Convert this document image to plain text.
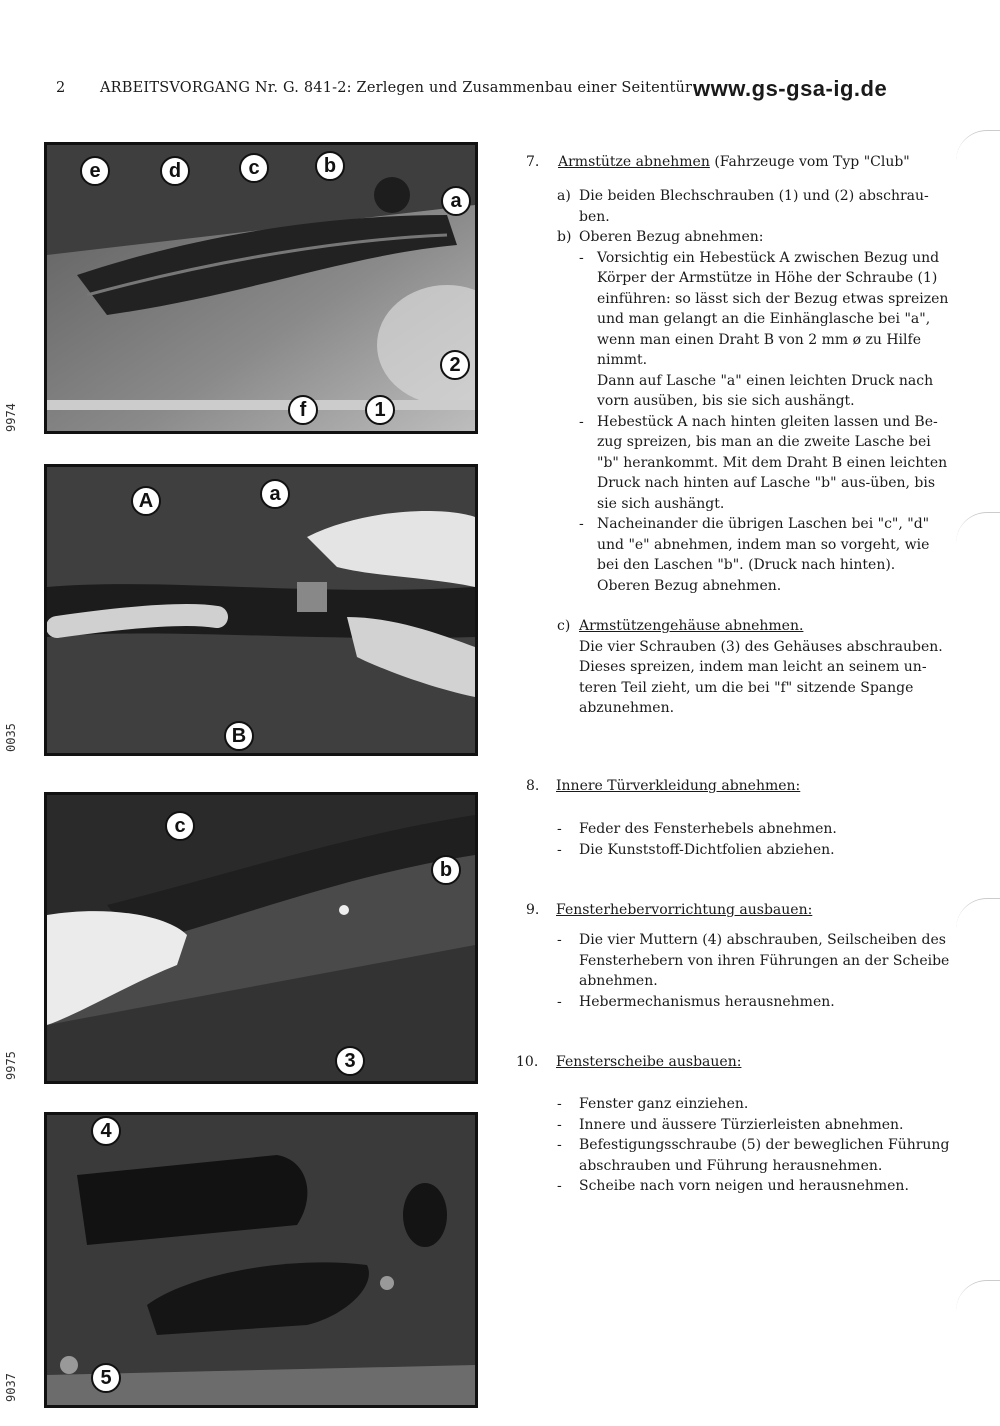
2 ARBEITSVORGANG Nr. G. 841-2: Zerlegen und Zusammenbau einer Seitentür www.gs-gsa-ig.de
9974
e	d	c	b
a
2
f	1
0035
A	a
B
9975
c
b
3
9037
4
5
7. Armstütze abnehmen (Fahrzeuge vom Typ "Club"
a) Die beiden Blechschrauben (1) und (2) abschrau-ben.
b) Oberen Bezug abnehmen:
- Vorsichtig ein Hebestück A zwischen Bezug und Körper der Armstütze in Höhe der Schraube (1) einführen: so lässt sich der Bezug etwas spreizen und man gelangt an die Einhänglasche bei "a", wenn man einen Draht B von 2 mm ø zu Hilfe nimmt.

Dann auf Lasche "a" einen leichten Druck nach vorn ausüben, bis sie sich aushängt.

- Hebestück A nach hinten gleiten lassen und Be-zug spreizen, bis man an die zweite Lasche bei "b" herankommt. Mit dem Draht B einen leichten Druck nach hinten auf Lasche "b" aus-üben, bis sie sich aushängt.
- Nacheinander die übrigen Laschen bei "c", "d" und "e" abnehmen, indem man so vorgeht, wie bei den Laschen "b". (Druck nach hinten). Oberen Bezug abnehmen.
c) Armstützengehäuse abnehmen.

Die vier Schrauben (3) des Gehäuses abschrauben. Dieses spreizen, indem man leicht an seinem un-teren Teil zieht, um die bei "f" sitzende Spange abzunehmen.

8. Innere Türverkleidung abnehmen:
- Feder des Fensterhebels abnehmen.
- Die Kunststoff-Dichtfolien abziehen.
9. Fensterhebervorrichtung ausbauen:
- Die vier Muttern (4) abschrauben, Seilscheiben des Fensterhebern von ihren Führungen an der Scheibe abnehmen.
- Hebermechanismus herausnehmen.
10. Fensterscheibe ausbauen:
- Fenster ganz einziehen.
- Innere und äussere Türzierleisten abnehmen.
- Befestigungsschraube (5) der beweglichen Führung abschrauben und Führung herausnehmen.
- Scheibe nach vorn neigen und herausnehmen.
